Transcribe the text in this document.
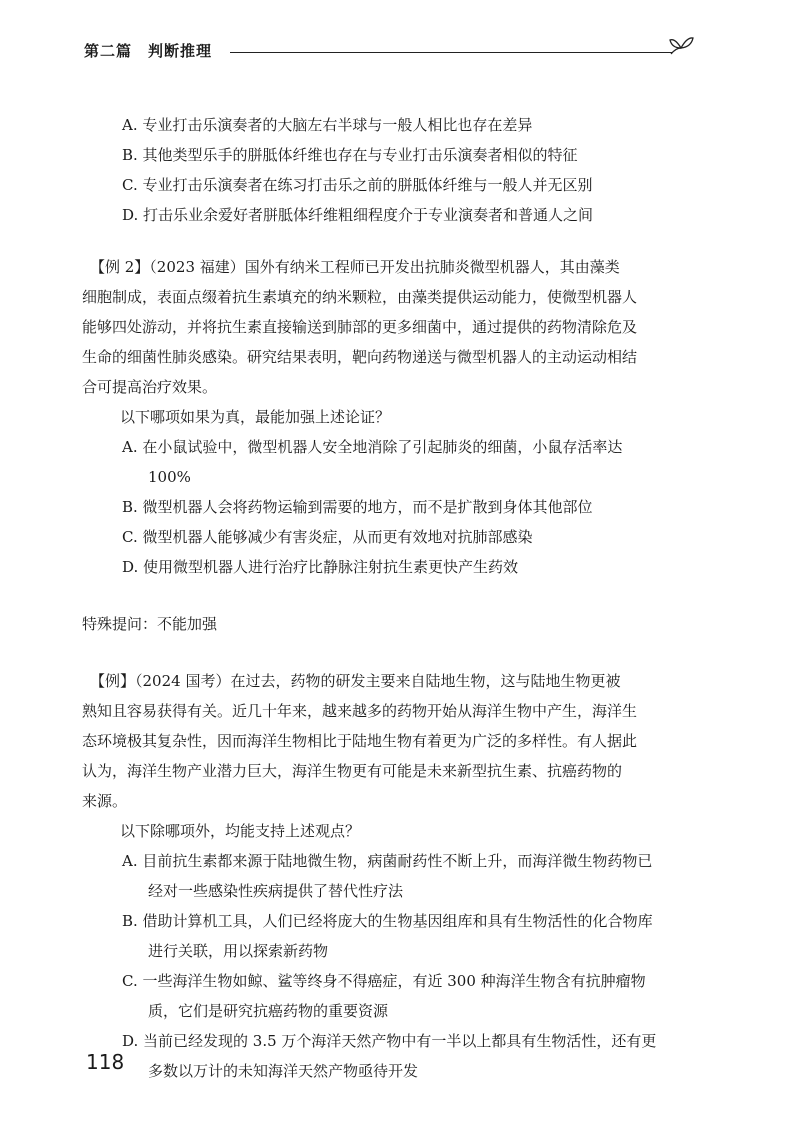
第二篇　判断推理

A. 专业打击乐演奏者的大脑左右半球与一般人相比也存在差异

B. 其他类型乐手的胼胝体纤维也存在与专业打击乐演奏者相似的特征

C. 专业打击乐演奏者在练习打击乐之前的胼胝体纤维与一般人并无区别

D. 打击乐业余爱好者胼胝体纤维粗细程度介于专业演奏者和普通人之间

【例 2】（2023 福建）国外有纳米工程师已开发出抗肺炎微型机器人，其由藻类

细胞制成，表面点缀着抗生素填充的纳米颗粒，由藻类提供运动能力，使微型机器人

能够四处游动，并将抗生素直接输送到肺部的更多细菌中，通过提供的药物清除危及

生命的细菌性肺炎感染。研究结果表明，靶向药物递送与微型机器人的主动运动相结

合可提高治疗效果。

以下哪项如果为真，最能加强上述论证？

A. 在小鼠试验中，微型机器人安全地消除了引起肺炎的细菌，小鼠存活率达

100%

B. 微型机器人会将药物运输到需要的地方，而不是扩散到身体其他部位

C. 微型机器人能够减少有害炎症，从而更有效地对抗肺部感染

D. 使用微型机器人进行治疗比静脉注射抗生素更快产生药效

特殊提问：不能加强

【例】（2024 国考）在过去，药物的研发主要来自陆地生物，这与陆地生物更被

熟知且容易获得有关。近几十年来，越来越多的药物开始从海洋生物中产生，海洋生

态环境极其复杂性，因而海洋生物相比于陆地生物有着更为广泛的多样性。有人据此

认为，海洋生物产业潜力巨大，海洋生物更有可能是未来新型抗生素、抗癌药物的

来源。

以下除哪项外，均能支持上述观点？

A. 目前抗生素都来源于陆地微生物，病菌耐药性不断上升，而海洋微生物药物已

经对一些感染性疾病提供了替代性疗法

B. 借助计算机工具，人们已经将庞大的生物基因组库和具有生物活性的化合物库

进行关联，用以探索新药物

C. 一些海洋生物如鲸、鲨等终身不得癌症，有近 300 种海洋生物含有抗肿瘤物

质，它们是研究抗癌药物的重要资源

D. 当前已经发现的 3.5 万个海洋天然产物中有一半以上都具有生物活性，还有更

多数以万计的未知海洋天然产物亟待开发

118
